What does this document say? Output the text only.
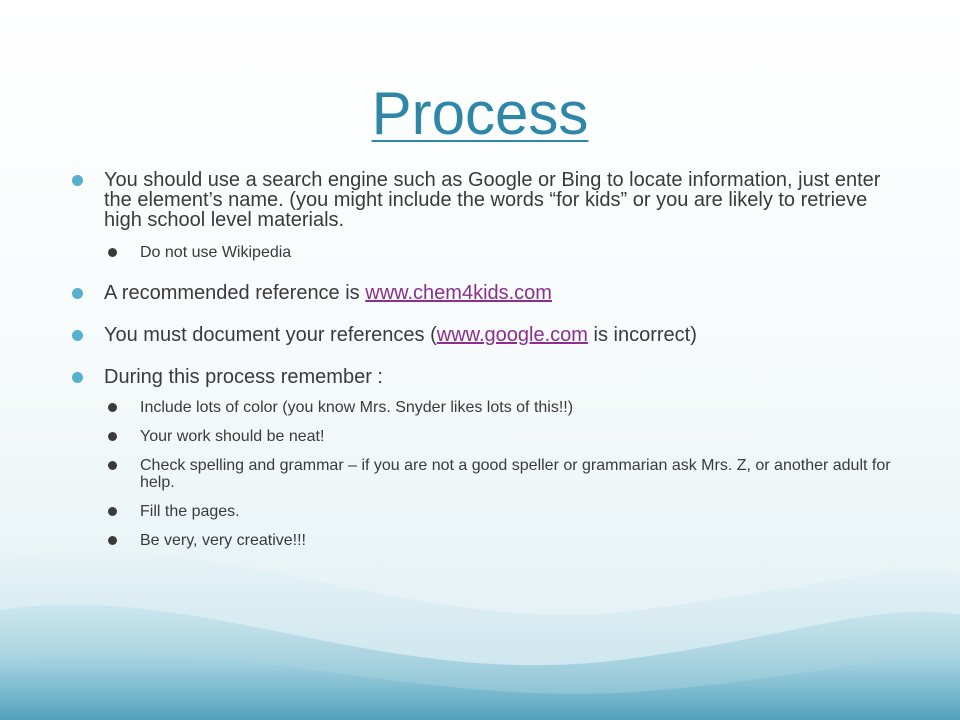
Process
You should use a search engine such as Google or Bing to locate information, just enter the element’s name. (you might include the words “for kids” or you are likely to retrieve high school level materials.
Do not use Wikipedia
A recommended reference is www.chem4kids.com
You must document your references (www.google.com is incorrect)
During this process remember :
Include lots of color (you know Mrs. Snyder likes lots of this!!)
Your work should be neat!
Check spelling and grammar – if you are not a good speller or grammarian ask Mrs. Z, or another adult for help.
Fill the pages.
Be very, very creative!!!
